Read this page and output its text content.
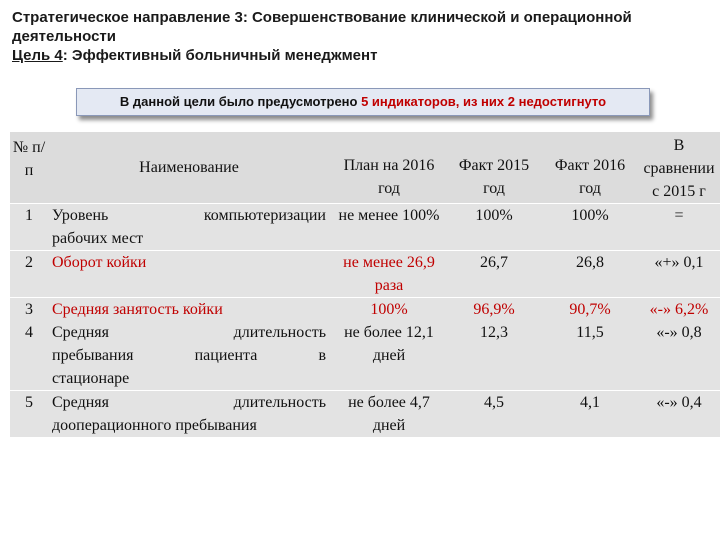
Стратегическое направление 3: Совершенствование клинической и операционной
деятельности
Цель 4: Эффективный больничный менеджмент
В данной цели было предусмотрено 5 индикаторов, из них 2 недостигнуто
№ п/п	Наименование	План на 2016 год	Факт 2015 год	Факт 2016 год	В сравнении с 2015 г
1	Уровень компьютеризации
рабочих мест	не менее 100%	100%	100%	=
2	Оборот койки	не менее 26,9 раза	26,7	26,8	«+» 0,1
3	Средняя занятость койки	100%	96,9%	90,7%	«-» 6,2%
4	Средняя длительность
пребывания пациента в
стационаре	не более 12,1 дней	12,3	11,5	«-» 0,8
5	Средняя длительность
дооперационного пребывания	не более 4,7 дней	4,5	4,1	«-» 0,4
